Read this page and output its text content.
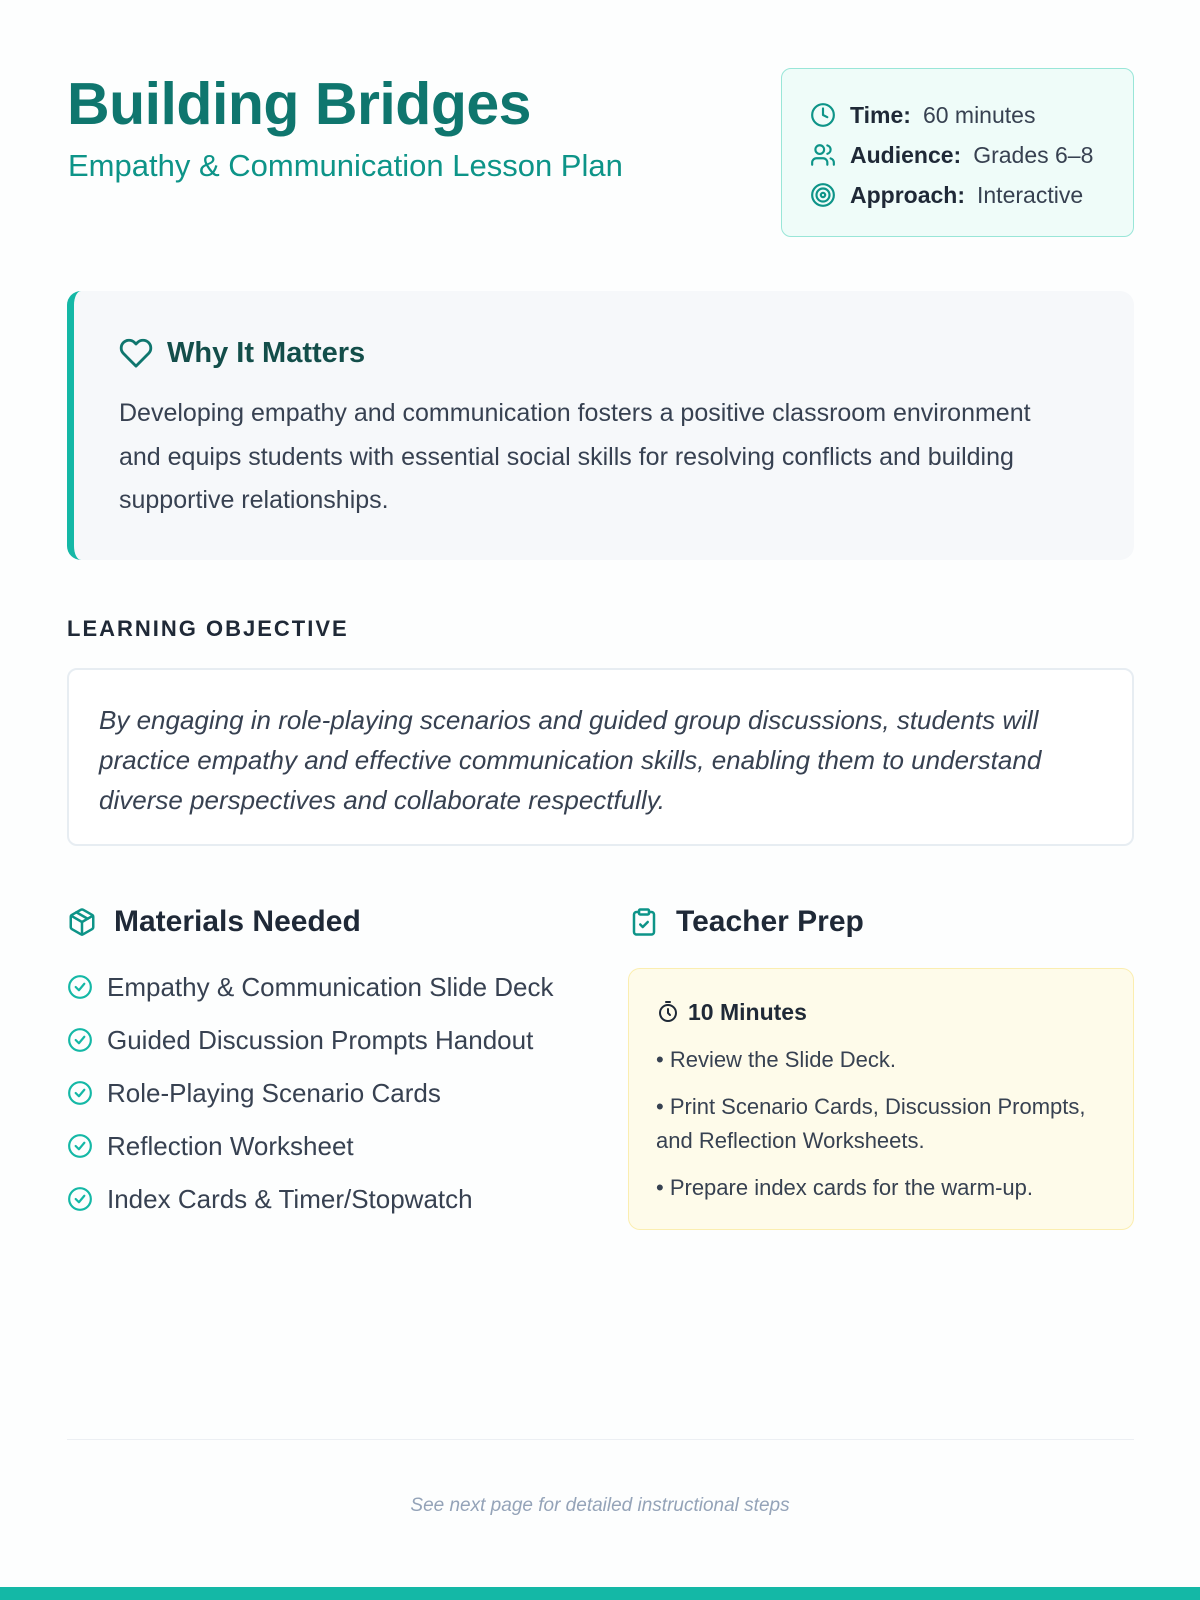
Building Bridges
Empathy & Communication Lesson Plan
Time: 60 minutes
Audience: Grades 6–8
Approach: Interactive
Why It Matters

Developing empathy and communication fosters a positive classroom environment and equips students with essential social skills for resolving conflicts and building supportive relationships.

LEARNING OBJECTIVE

By engaging in role-playing scenarios and guided group discussions, students will practice empathy and effective communication skills, enabling them to understand diverse perspectives and collaborate respectfully.

Materials Needed
Empathy & Communication Slide Deck
Guided Discussion Prompts Handout
Role-Playing Scenario Cards
Reflection Worksheet
Index Cards & Timer/Stopwatch
Teacher Prep
10 Minutes
• Review the Slide Deck.
• Print Scenario Cards, Discussion Prompts, and Reflection Worksheets.
• Prepare index cards for the warm-up.

See next page for detailed instructional steps
